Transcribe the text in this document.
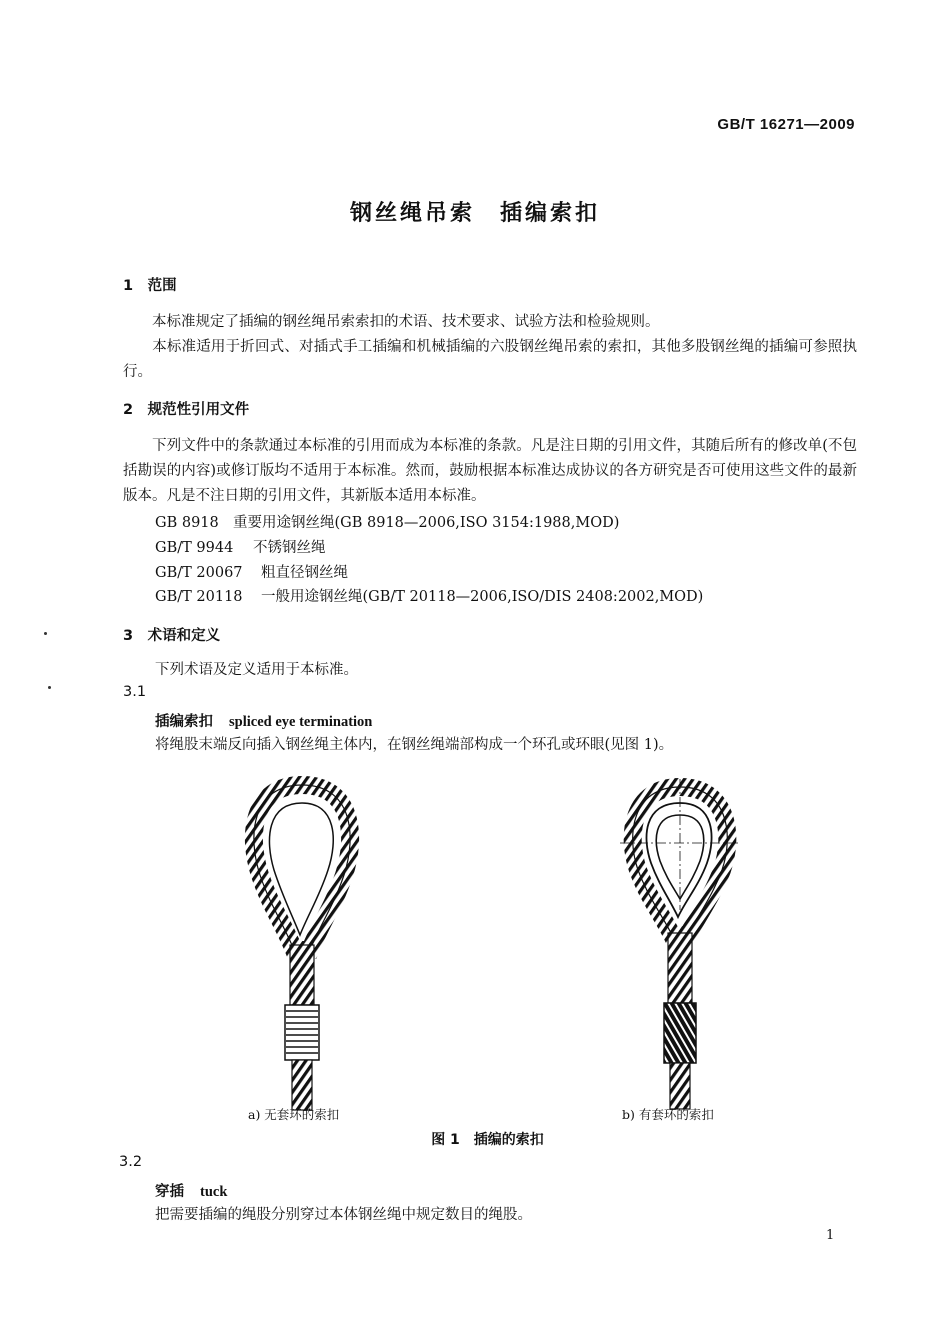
GB/T 16271—2009
钢丝绳吊索　插编索扣
1　范围
本标准规定了插编的钢丝绳吊索索扣的术语、技术要求、试验方法和检验规则。
本标准适用于折回式、对插式手工插编和机械插编的六股钢丝绳吊索的索扣，其他多股钢丝绳的插编可参照执行。
2　规范性引用文件
下列文件中的条款通过本标准的引用而成为本标准的条款。凡是注日期的引用文件，其随后所有的修改单(不包括勘误的内容)或修订版均不适用于本标准。然而，鼓励根据本标准达成协议的各方研究是否可使用这些文件的最新版本。凡是不注日期的引用文件，其新版本适用本标准。
GB 8918 重要用途钢丝绳(GB 8918—2006,ISO 3154:1988,MOD)
GB/T 9944 不锈钢丝绳
GB/T 20067 粗直径钢丝绳
GB/T 20118 一般用途钢丝绳(GB/T 20118—2006,ISO/DIS 2408:2002,MOD)
3　术语和定义
下列术语及定义适用于本标准。
3.1
插编索扣 spliced eye termination
将绳股末端反向插入钢丝绳主体内，在钢丝绳端部构成一个环孔或环眼(见图 1)。
a) 无套环的索扣	b) 有套环的索扣
图 1　插编的索扣
3.2
穿插 tuck
把需要插编的绳股分别穿过本体钢丝绳中规定数目的绳股。
1
